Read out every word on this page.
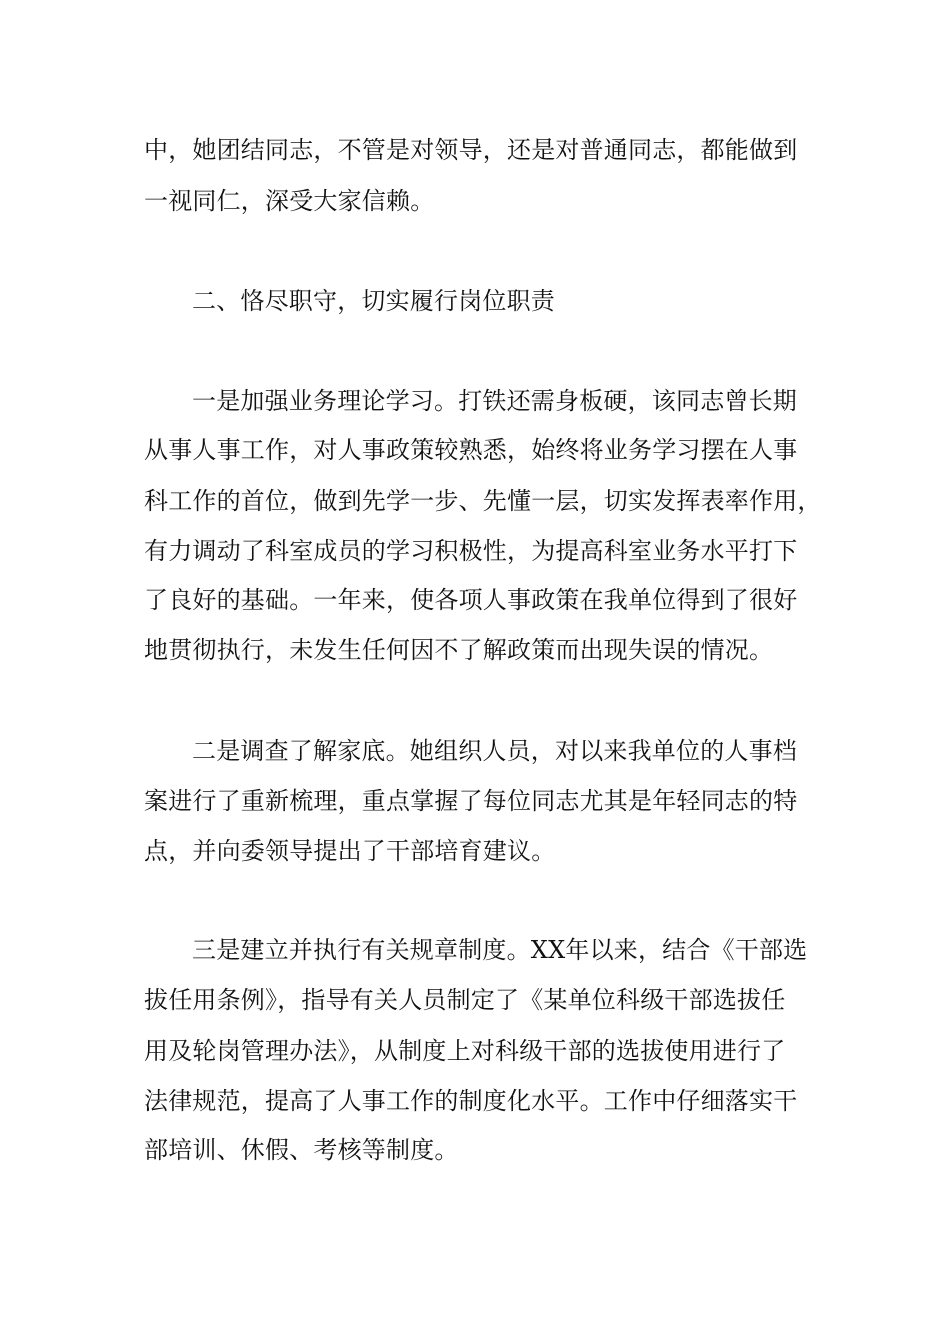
中，她团结同志，不管是对领导，还是对普通同志，都能做到
一视同仁，深受大家信赖。
二、恪尽职守，切实履行岗位职责
一是加强业务理论学习。打铁还需身板硬，该同志曾长期
从事人事工作，对人事政策较熟悉，始终将业务学习摆在人事
科工作的首位，做到先学一步、先懂一层，切实发挥表率作用，
有力调动了科室成员的学习积极性，为提高科室业务水平打下
了良好的基础。一年来，使各项人事政策在我单位得到了很好
地贯彻执行，未发生任何因不了解政策而出现失误的情况。
二是调查了解家底。她组织人员，对以来我单位的人事档
案进行了重新梳理，重点掌握了每位同志尤其是年轻同志的特
点，并向委领导提出了干部培育建议。
三是建立并执行有关规章制度。XX年以来，结合《干部选
拔任用条例》，指导有关人员制定了《某单位科级干部选拔任
用及轮岗管理办法》，从制度上对科级干部的选拔使用进行了
法律规范，提高了人事工作的制度化水平。工作中仔细落实干
部培训、休假、考核等制度。
